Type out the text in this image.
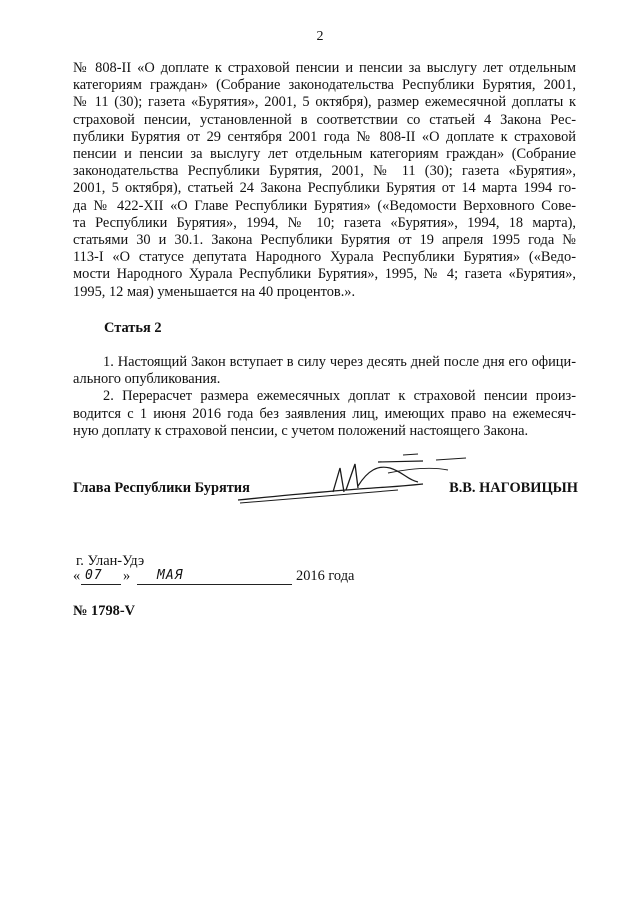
2
№ 808-II «О доплате к страховой пенсии и пенсии за выслугу лет отдельным
категориям граждан» (Собрание законодательства Республики Бурятия, 2001,
№ 11 (30); газета «Бурятия», 2001, 5 октября), размер ежемесячной доплаты к
страховой пенсии, установленной в соответствии со статьей 4 Закона Рес-
публики Бурятия от 29 сентября 2001 года № 808-II «О доплате к страховой
пенсии и пенсии за выслугу лет отдельным категориям граждан» (Собрание
законодательства Республики Бурятия, 2001, № 11 (30); газета «Бурятия»,
2001, 5 октября), статьей 24 Закона Республики Бурятия от 14 марта 1994 го-
да № 422-XII «О Главе Республики Бурятия» («Ведомости Верховного Сове-
та Республики Бурятия», 1994, № 10; газета «Бурятия», 1994, 18 марта),
статьями 30 и 30.1. Закона Республики Бурятия от 19 апреля 1995 года №
113-I «О статусе депутата Народного Хурала Республики Бурятия» («Ведо-
мости Народного Хурала Республики Бурятия», 1995, № 4; газета «Бурятия»,
1995, 12 мая) уменьшается на 40 процентов.».
Статья 2
1. Настоящий Закон вступает в силу через десять дней после дня его офици-
ального опубликования.
2. Перерасчет размера ежемесячных доплат к страховой пенсии произ-
водится с 1 июня 2016 года без заявления лиц, имеющих право на ежемесяч-
ную доплату к страховой пенсии, с учетом положений настоящего Закона.
Глава Республики Бурятия	В.В. НАГОВИЦЫН
г. Улан-Удэ
« 07 » МАЯ	2016 года
№ 1798-V
